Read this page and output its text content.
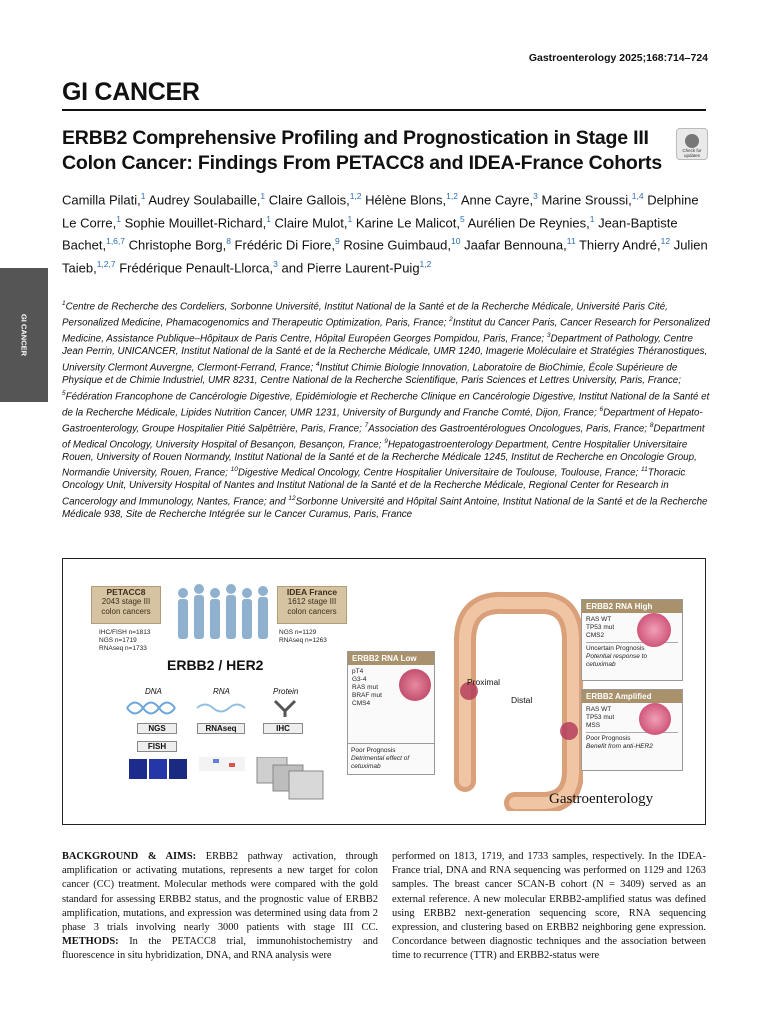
Gastroenterology 2025;168:714–724
GI CANCER
ERBB2 Comprehensive Profiling and Prognostication in Stage III Colon Cancer: Findings From PETACC8 and IDEA-France Cohorts
Check for updates
Camilla Pilati,$^1$ Audrey Soulabaille,$^1$ Claire Gallois,$^{1,2}$ Hélène Blons,$^{1,2}$ Anne Cayre,$^3$ Marine Sroussi,$^{1,4}$ Delphine Le Corre,$^1$ Sophie Mouillet-Richard,$^1$ Claire Mulot,$^1$ Karine Le Malicot,$^5$ Aurélien De Reynies,$^1$ Jean-Baptiste Bachet,$^{1,6,7}$ Christophe Borg,$^8$ Frédéric Di Fiore,$^9$ Rosine Guimbaud,$^{10}$ Jaafar Bennouna,$^{11}$ Thierry André,$^{12}$ Julien Taieb,$^{1,2,7}$ Frédérique Penault-Llorca,$^3$ and Pierre Laurent-Puig$^{1,2}$
GI CANCER
$^1$Centre de Recherche des Cordeliers, Sorbonne Université, Institut National de la Santé et de la Recherche Médicale, Université Paris Cité, Personalized Medicine, Phamacogenomics and Therapeutic Optimization, Paris, France; $^2$Institut du Cancer Paris, Cancer Research for Personalized Medicine, Assistance Publique–Hôpitaux de Paris Centre, Hôpital Européen Georges Pompidou, Paris, France; $^3$Department of Pathology, Centre Jean Perrin, UNICANCER, Institut National de la Santé et de la Recherche Médicale, UMR 1240, Imagerie Moléculaire et Stratégies Théranostiques, University Clermont Auvergne, Clermont-Ferrand, France; $^4$Institut Chimie Biologie Innovation, Laboratoire de BioChimie, École Supérieure de Physique et de Chimie Industriel, UMR 8231, Centre National de la Recherche Scientifique, Paris Sciences et Lettres University, Paris, France; $^5$Fédération Francophone de Cancérologie Digestive, Epidémiologie et Recherche Clinique en Cancérologie Digestive, Institut National de la Santé et de la Recherche Médicale, Lipides Nutrition Cancer, UMR 1231, University of Burgundy and Franche Comté, Dijon, France; $^6$Department of Hepato-Gastroenterology, Groupe Hospitalier Pitié Salpêtrière, Paris, France; $^7$Association des Gastroentérologues Oncologues, Paris, France; $^8$Department of Medical Oncology, University Hospital of Besançon, Besançon, France; $^9$Hepatogastroenterology Department, Centre Hospitalier Universitaire Rouen, University of Rouen Normandy, Institut National de la Santé et de la Recherche Médicale 1245, Institut de Recherche en Oncologie Group, Normandie University, Rouen, France; $^{10}$Digestive Medical Oncology, Centre Hospitalier Universitaire de Toulouse, Toulouse, France; $^{11}$Thoracic Oncology Unit, University Hospital of Nantes and Institut National de la Santé et de la Recherche Médicale, Regional Center for Research in Cancerology and Immunology, Nantes, France; and $^{12}$Sorbonne Université and Hôpital Saint Antoine, Institut National de la Santé et de la Recherche Médicale 938, Site de Recherche Intégrée sur le Cancer Curamus, Paris, France
PETACC8
2043 stage III
colon cancers
IHC/FISH n=1813
NGS n=1719
RNAseq n=1733
IDEA France
1612 stage III
colon cancers
NGS n=1129
RNAseq n=1263
ERBB2 / HER2
DNA	RNA	Protein
NGS
FISH
RNAseq	IHC
ERBB2 RNA Low
pT4
G3-4
RAS mut
BRAF mut
CMS4
Poor Prognosis
Detrimental effect of
cetuximab
Proximal
Distal
ERBB2 RNA High
RAS WT
TP53 mut
CMS2
Uncertain Prognosis
Potential response to
cetuximab
ERBB2 Amplified
RAS WT
TP53 mut
MSS
Poor Prognosis
Benefit from anti-HER2
Gastroenterology
BACKGROUND & AIMS: ERBB2 pathway activation, through amplification or activating mutations, represents a new target for colon cancer (CC) treatment. Molecular methods were compared with the gold standard for assessing ERBB2 status, and the prognostic value of ERBB2 amplification, mutations, and expression was determined using data from 2 phase 3 trials involving nearly 3000 patients with stage III CC. METHODS: In the PETACC8 trial, immunohistochemistry and fluorescence in situ hybridization, DNA, and RNA analysis were
performed on 1813, 1719, and 1733 samples, respectively. In the IDEA-France trial, DNA and RNA sequencing was performed on 1129 and 1263 samples. The breast cancer SCAN-B cohort (N = 3409) served as an external reference. A new molecular ERBB2-amplified status was defined using ERBB2 next-generation sequencing score, RNA sequencing expression, and clustering based on ERBB2 neighboring gene expression. Concordance between diagnostic techniques and the association between time to recurrence (TTR) and ERBB2-status were
